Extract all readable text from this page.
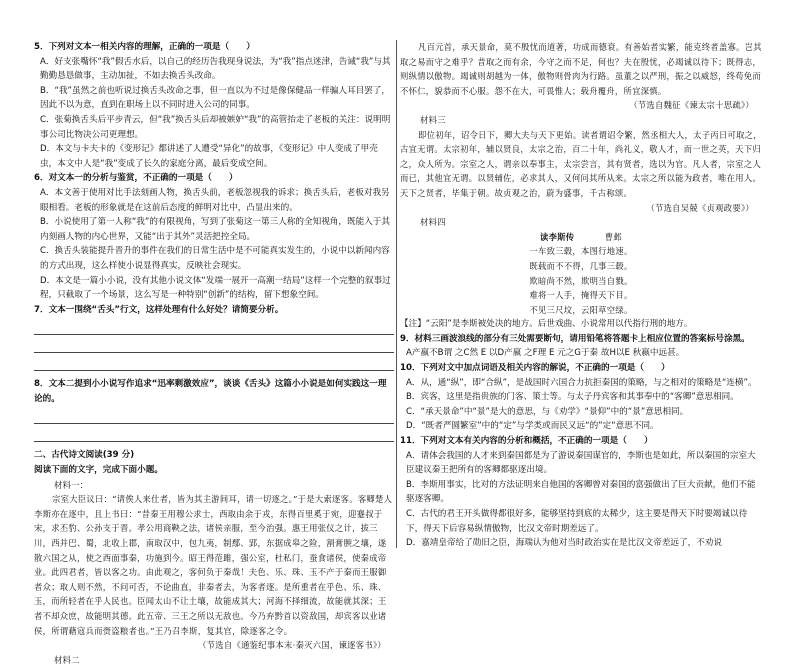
5．下列对文本一相关内容的理解，正确的一项是（　　）

A．好支张嘴怀“我”假舌水后，以自己的经历告我现身说法，为“我”指点迷津，告诫“我”与其勤勤恳恳做事，主动加扯，不如去换舌头改命。

B．“我”虽然之前也听说过换舌头改命之事，但一直以为不过是像保健品一样骗人耳目罢了，因此不以为意，直到在职场上以不同时进入公司的同事。

C．张菊换舌头后平步青云，但“我”换舌头后却被嫉妒“我”的高管抬走了老板的关注：说明明事公司比物决公司更理想。

D．本文与卡夫卡的《变形记》都讲述了人遭受“异化”的故事，《变形记》中人变成了甲壳虫，本文中人是“我”变成了长久的家庭分离，最后变成空间。

6．对文本一的分析与鉴赏，不正确的一项是（　　）

A．本文善于使用对比手法刻画人物，换舌头前，老板忽视我的诉求；换舌头后，老板对我另眼相看。老板的形象就是在这前后态度的鲜明对比中，凸显出来的。

B．小说使用了第一人称“我”的有限视角，写到了张菊这一第三人称的全知视角，既能入于其内刻画人物的内心世界，又能“出于其外”灵活把控全局。

C．换舌头装能提升晋升的事件在我们的日常生活中是不可能真实发生的，小说中以新闻内容的方式出现，这么样使小说显得真实，反映社会现实。

D．本文是一篇小小说，没有其他小说文体“发端一展开一高潮一结局”这样一个完整的叙事过程，只截取了一个场景，这么写是一种特别“创新”的结构，留下想象空间。

7．文本一围绕“舌头”行文，这样处理有什么好处？请简要分析。

8．文本二提到小小说写作追求“迅率剩激效应”，谈谈《舌头》这篇小小说是如何实践这一理论的。

二、古代诗文阅读(39 分)

阅读下面的文字，完成下面小题。

材料一：

宗室大臣议曰：“请俟人来仕者，皆为其主游间耳，请一切逐之。”于是大索逐客。客卿楚人李斯亦在逐中，且上书曰：“昔秦王用穆公求士，西取由余于戎，东得百里奚于宛，迎蹇叔于宋，求丕豹、公孙支于晋。孝公用商鞅之法，诸侯亲服，至今治强。惠王用张仪之计，拔三川，西并巴、蜀，北收上郡，南取汉中，包九夷，制鄢、郢，东据成皋之险，割膏腴之壤，遂散六国之从，使之西面事秦，功施到今。昭王得范雎，强公室，杜私门，蚕食诸侯，使秦成帝业。此四君者，皆以客之功。由此观之，客何负于秦哉！夫色、乐、珠、玉不产于秦而王服御者众；取人则不然，不问可否，不论曲直，非秦者去，为客者逐。是所重者在乎色、乐、珠、玉，而所轻者在乎人民也。臣闻太山不让土壤，故能成其大；河海不择细流，故能就其深；王者不却众庶，故能明其德。此五帝、三王之所以无敌也。今乃弃黔首以资敌国，却宾客以业诸侯，所谓藉寇兵而赍盗粮者也。”王乃召李斯，复其官，除逐客之令。

（节选自《通鉴纪事本末·秦灭六国，谏逐客书》）

材料二

凡百元首，承天景命，莫不殷忧而道著，功成而德衰。有善始者实繁，能克终者盖寡。岂其取之易而守之难乎？昔取之而有余，今守之而不足，何也？夫在殷忧，必竭诚以待下；既得志，则纵情以傲物。竭诚则胡越为一体，傲物则骨肉为行路。虽董之以严刑，振之以威怒，终苟免而不怀仁，貌恭而不心服。怨不在大，可畏惟人；载舟覆舟，所宜深慎。

（节选自魏征《谏太宗十思疏》）

材料三

即位初年，诏令日下，卿大夫与天下更始。读者谓诏令繁，然丞相大人，太子丙日可取之，古宜无谓。太宗初年，辅以贤良，太宗之治，百二十年，尚礼义，敬人才，而一世之英，天下归之，众人所为。宗室之人，谓亲以奉事主，太宗尝言，其有贤者，选以为官。凡人者，宗室之人而已，其他宜无谓。以贤辅佐，必求其人，又何问其所从来。太宗之所以能为政者，唯在用人。天下之贤者，毕集于朝。故贞观之治，蔚为盛事，千古称颂。

（节选自吴兢《贞观政要》）

材料四

读李斯传	曹邺

一车致三毂，本图行地速。

既载而不不得，几事三毂。

欺暗尚不然，欺明当自戮。

难将一人手，掩得天下目。

不见三尺坟，云阳草空绿。

【注】“云阳”是李斯被处决的地方。后世戏曲、小说常用以代指行刑的地方。

9．材料三画波浪线的部分有三处需要断句，请用铅笔将答题卡上相应位置的答案标号涂黑。

A产嬴不B谓 之C然 E 以D产嬴 之F理 E 元之G于秦 故H以Ε 秋嬴中远甚。

10．下列对文中加点词语及相关内容的解说，不正确的一项是（　　）

A．从，通“纵”，即“合纵”，是战国时六国合力抗拒秦国的策略，与之相对的策略是“连横”。

B．宾客，这里是指贵族的门客、策士等。与太子丹宾客和其事奉中的“客卿”意思相同。

C．“承天景命”中“景”是大的意思，与《劝学》“景仰”中的“景”意思相同。

D．“既者严圆繁室”中的“定”与学类或而民又远“的”定“意思不同。

11．下列对文本有关内容的分析和概括，不正确的一项是（　　）

A．请体会我国的人才来到秦国都是为了游说秦国谋官的，李斯也是如此，所以秦国的宗室大臣建议秦王把所有的客卿都驱逐出境。

B．李斯用事实，比对的方法证明来自他国的客卿曾对秦国的富强做出了巨大贡献，他们不能驱逐客卿。

C．古代的君王开头做得都很好多，能够坚持到底的太稀少，这主要是得天下时要竭诚以待下，得天下后容易纵情傲物，比汉文帝时期差远了。

D．嘉靖皇帝给了勋旧之臣，海瑞认为他对当时政治实在是比汉文帝差远了，不劝说
